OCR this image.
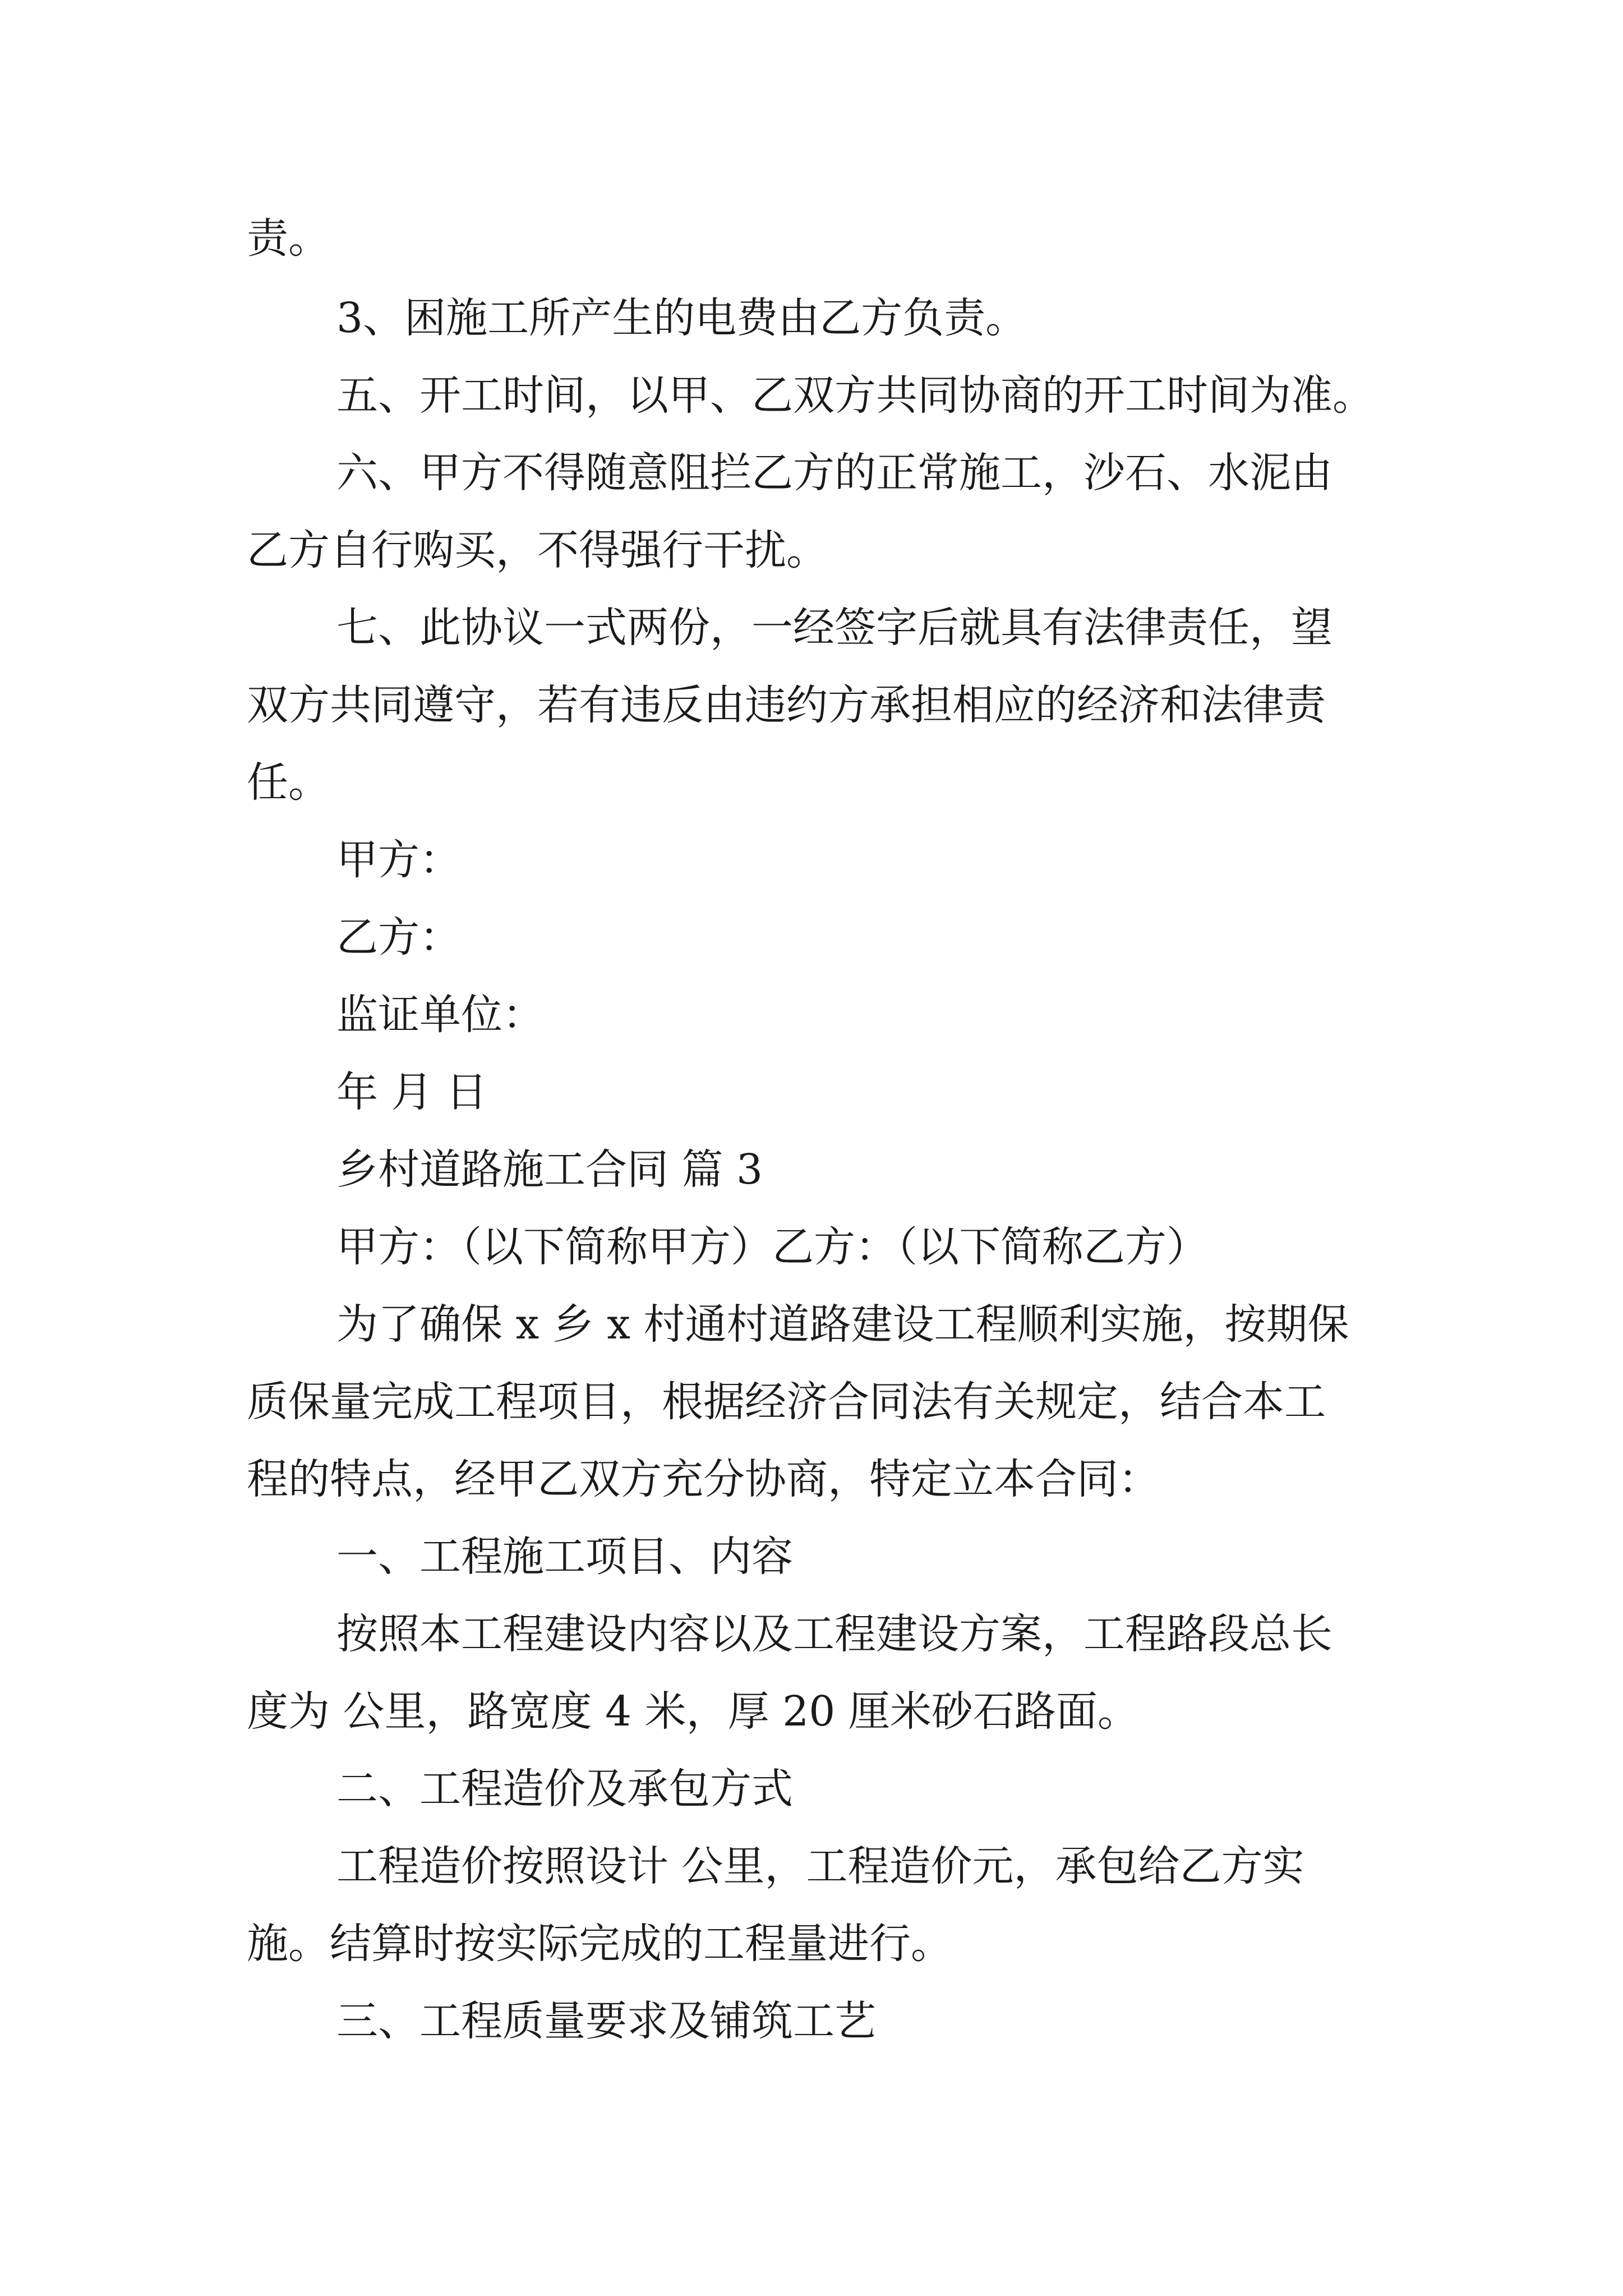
责。
3、困施工所产生的电费由乙方负责。
五、开工时间，以甲、乙双方共同协商的开工时间为准。
六、甲方不得随意阻拦乙方的正常施工，沙石、水泥由
乙方自行购买，不得强行干扰。
七、此协议一式两份，一经签字后就具有法律责任，望
双方共同遵守，若有违反由违约方承担相应的经济和法律责
任。
甲方：
乙方：
监证单位：
年 月 日
乡村道路施工合同 篇 3
甲方：（以下简称甲方）乙方：（以下简称乙方）
为了确保 x 乡 x 村通村道路建设工程顺利实施，按期保
质保量完成工程项目，根据经济合同法有关规定，结合本工
程的特点，经甲乙双方充分协商，特定立本合同：
一、工程施工项目、内容
按照本工程建设内容以及工程建设方案，工程路段总长
度为 公里，路宽度 4 米，厚 20 厘米砂石路面。
二、工程造价及承包方式
工程造价按照设计 公里，工程造价元，承包给乙方实
施。结算时按实际完成的工程量进行。
三、工程质量要求及铺筑工艺
